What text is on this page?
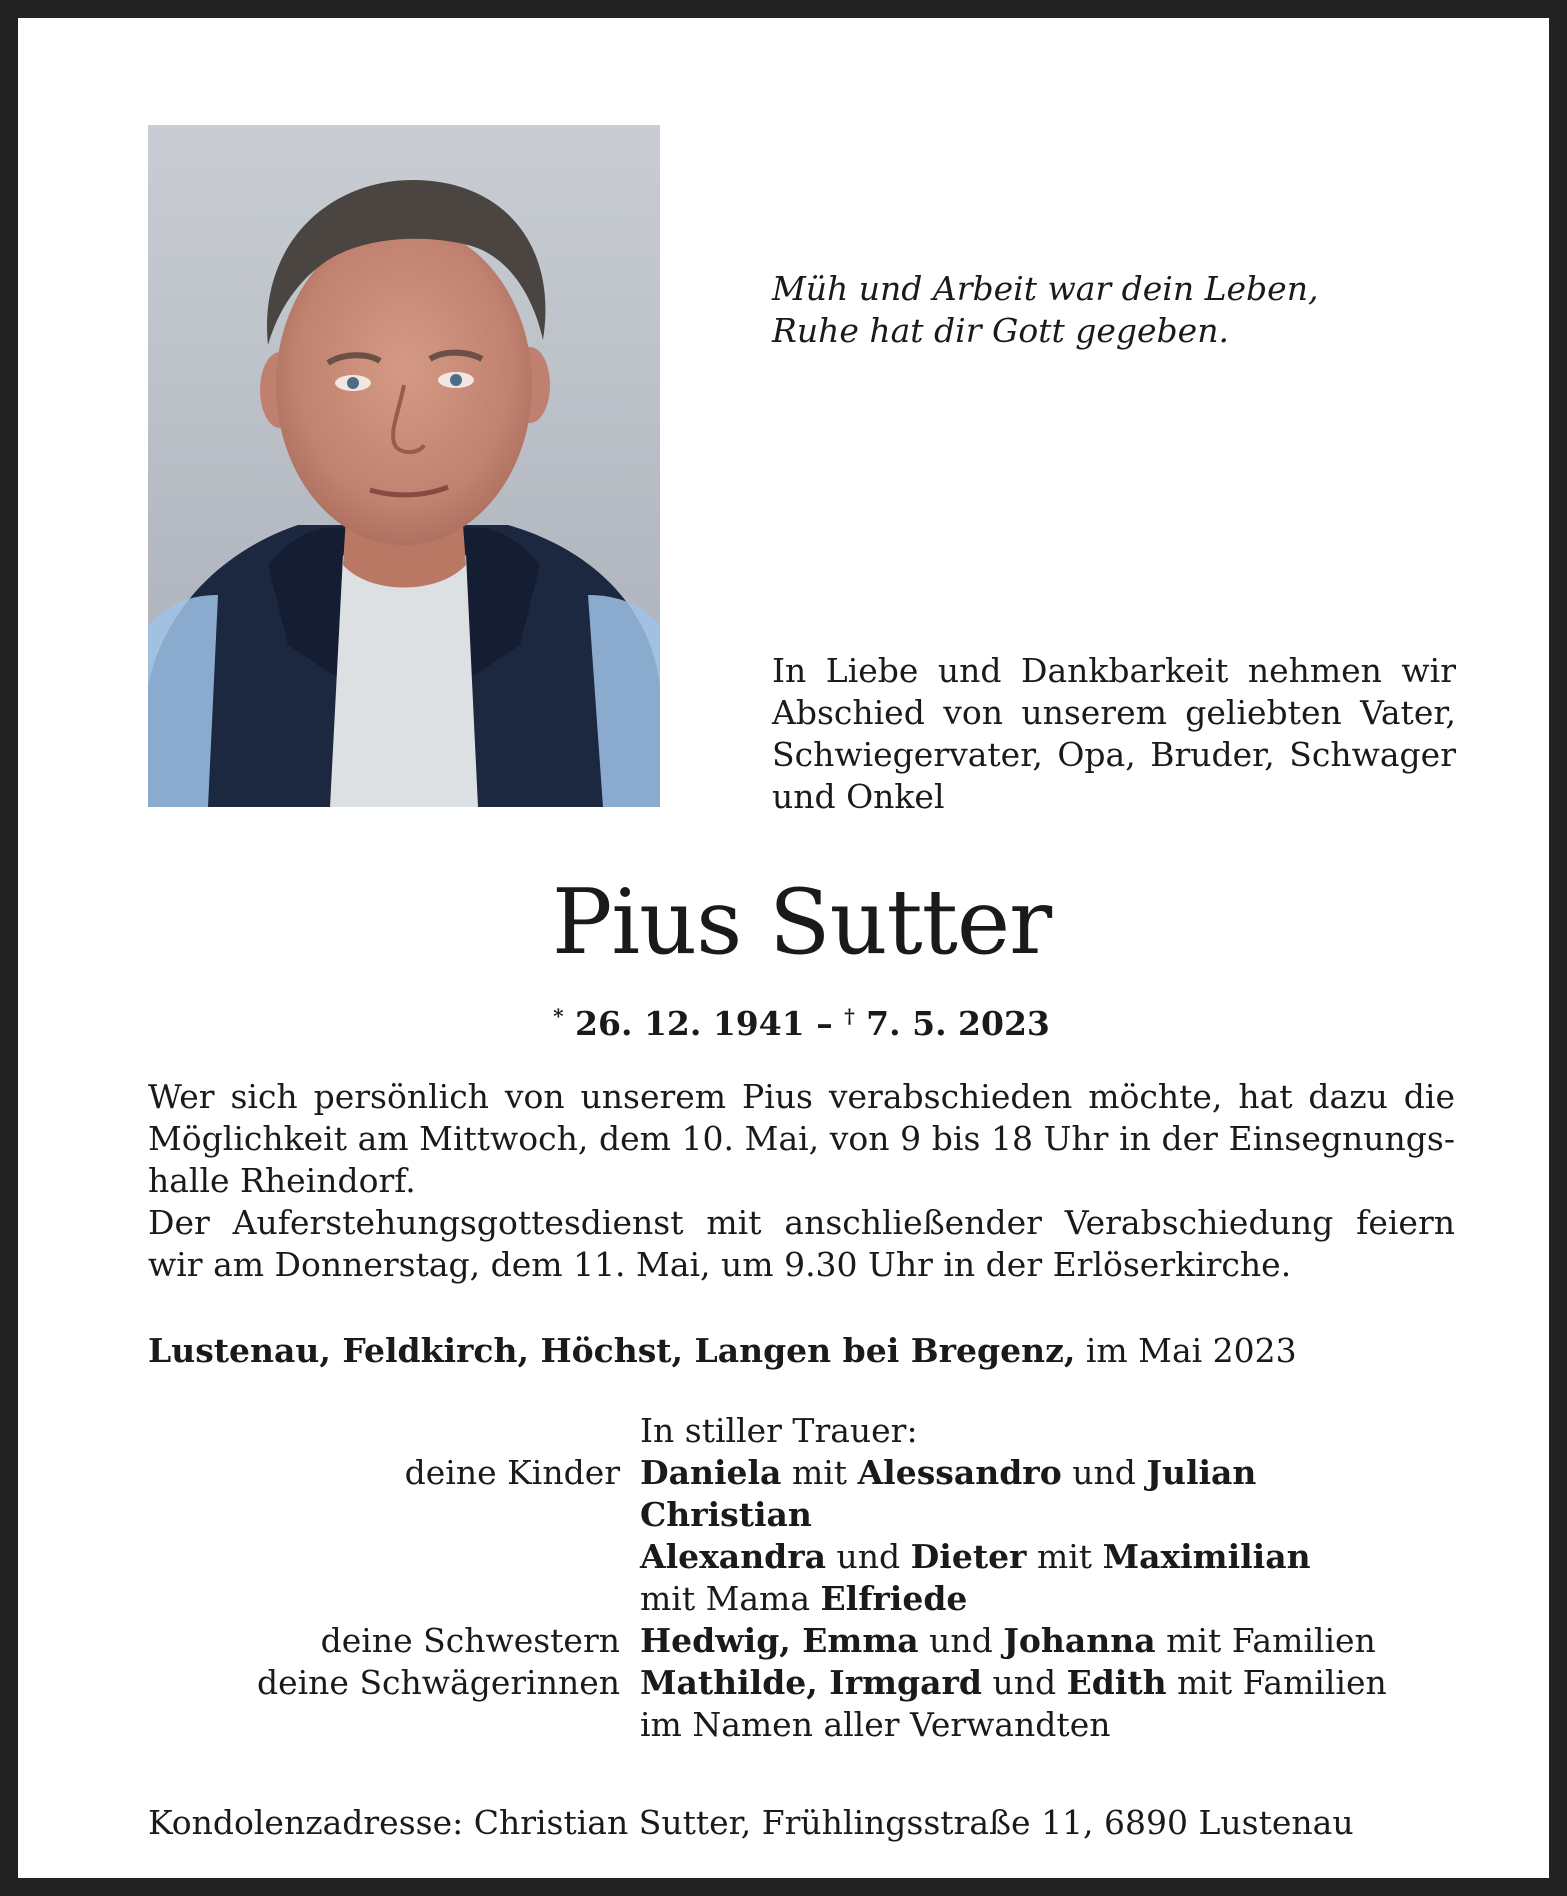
Müh und Arbeit war dein Leben,
Ruhe hat dir Gott gegeben.
In Liebe und Dankbarkeit nehmen wir
Abschied von unserem geliebten Vater,
Schwiegervater, Opa, Bruder, Schwager
und Onkel
Pius Sutter
* 26. 12. 1941 – † 7. 5. 2023
Wer sich persönlich von unserem Pius verabschieden möchte, hat dazu die
Möglichkeit am Mittwoch, dem 10. Mai, von 9 bis 18 Uhr in der Einsegnungs-
halle Rheindorf.
Der Auferstehungsgottesdienst mit anschließender Verabschiedung feiern
wir am Donnerstag, dem 11. Mai, um 9.30 Uhr in der Erlöserkirche.
Lustenau, Feldkirch, Höchst, Langen bei Bregenz, im Mai 2023
In stiller Trauer:
deine Kinder Daniela mit Alessandro und Julian
Christian
Alexandra und Dieter mit Maximilian
mit Mama Elfriede
deine Schwestern Hedwig, Emma und Johanna mit Familien
deine Schwägerinnen Mathilde, Irmgard und Edith mit Familien
im Namen aller Verwandten
Kondolenzadresse: Christian Sutter, Frühlingsstraße 11, 6890 Lustenau
